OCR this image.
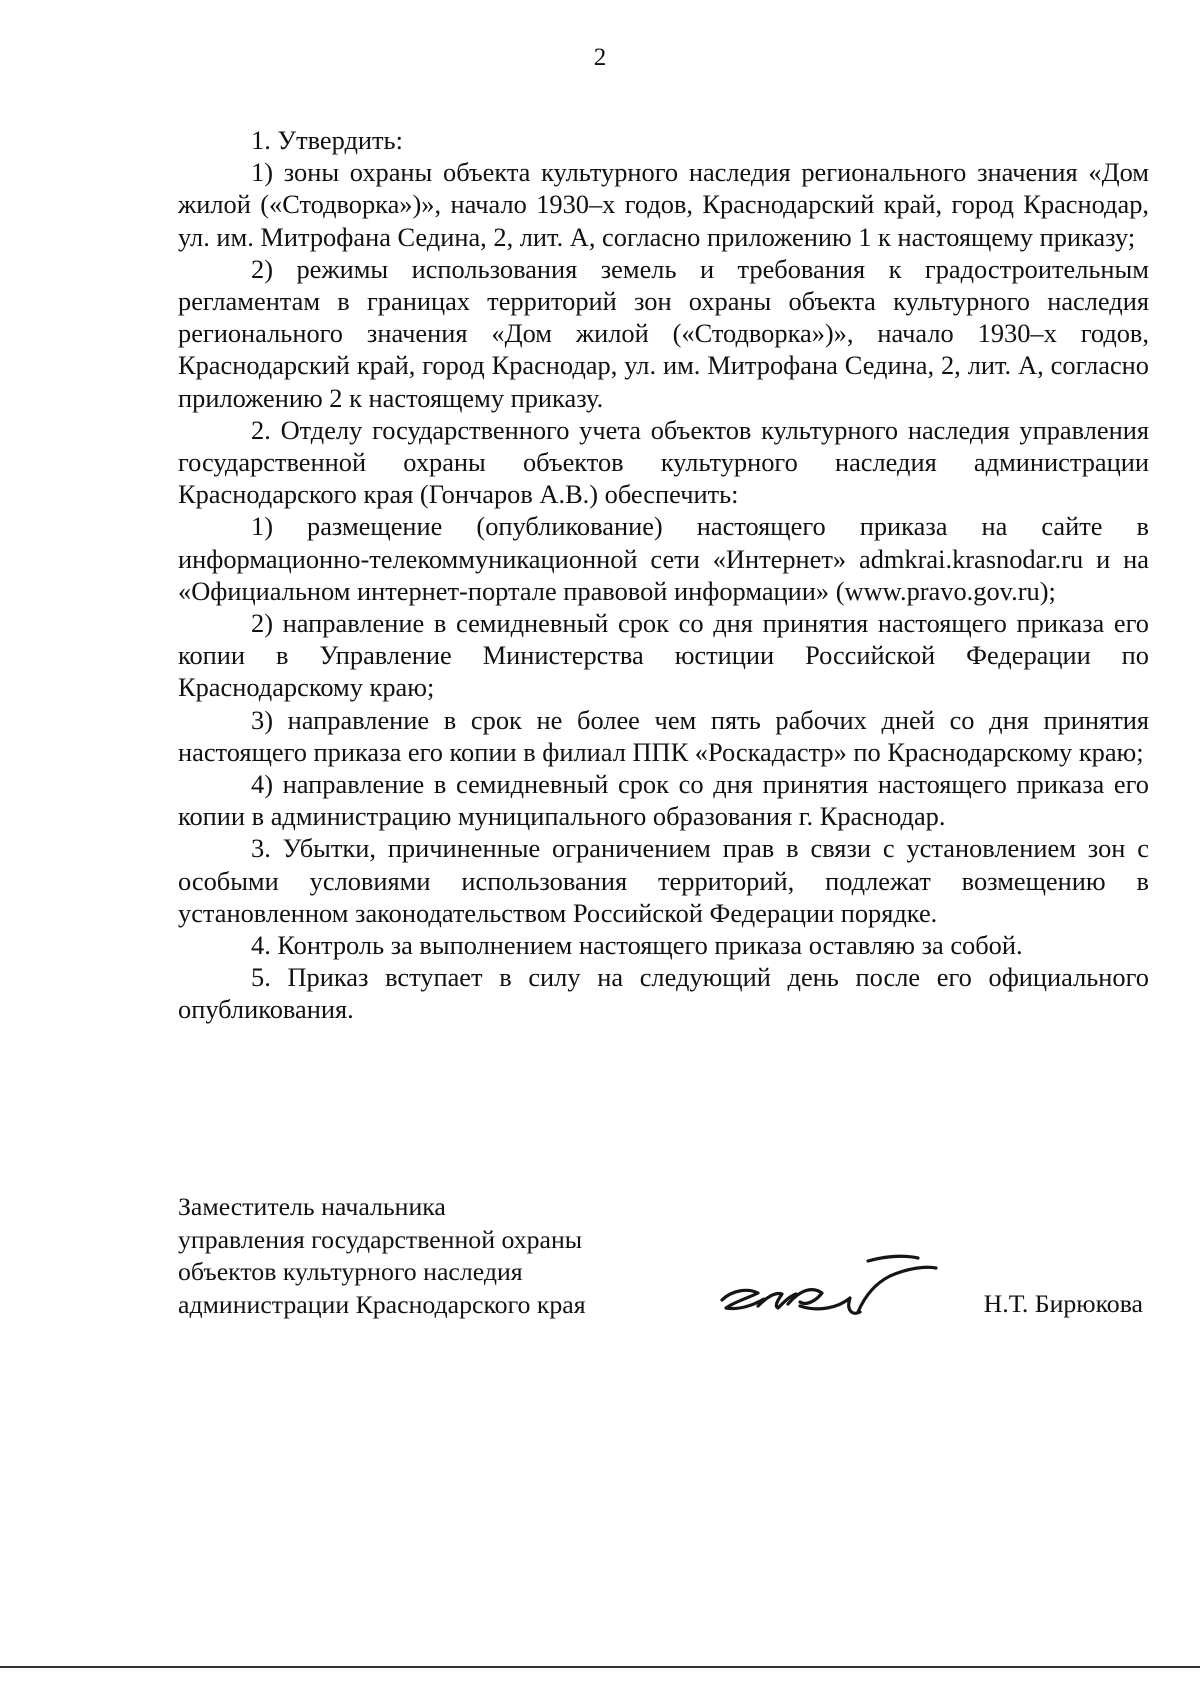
2

1. Утвердить:

1) зоны охраны объекта культурного наследия регионального значения «Дом жилой («Стодворка»)», начало 1930–х годов, Краснодарский край, город Краснодар, ул. им. Митрофана Седина, 2, лит. А, согласно приложению 1 к настоящему приказу;

2) режимы использования земель и требования к градостроительным регламентам в границах территорий зон охраны объекта культурного наследия регионального значения «Дом жилой («Стодворка»)», начало 1930–х годов, Краснодарский край, город Краснодар, ул. им. Митрофана Седина, 2, лит. А, согласно приложению 2 к настоящему приказу.

2. Отделу государственного учета объектов культурного наследия управления государственной охраны объектов культурного наследия администрации Краснодарского края (Гончаров А.В.) обеспечить:

1) размещение (опубликование) настоящего приказа на сайте в информационно-телекоммуникационной сети «Интернет» admkrai.krasnodar.ru и на «Официальном интернет-портале правовой информации» (www.pravo.gov.ru);

2) направление в семидневный срок со дня принятия настоящего приказа его копии в Управление Министерства юстиции Российской Федерации по Краснодарскому краю;

3) направление в срок не более чем пять рабочих дней со дня принятия настоящего приказа его копии в филиал ППК «Роскадастр» по Краснодарскому краю;

4) направление в семидневный срок со дня принятия настоящего приказа его копии в администрацию муниципального образования г. Краснодар.

3. Убытки, причиненные ограничением прав в связи с установлением зон с особыми условиями использования территорий, подлежат возмещению в установленном законодательством Российской Федерации порядке.

4. Контроль за выполнением настоящего приказа оставляю за собой.

5. Приказ вступает в силу на следующий день после его официального опубликования.

Заместитель начальника
управления государственной охраны
объектов культурного наследия
администрации Краснодарского края	Н.Т. Бирюкова
